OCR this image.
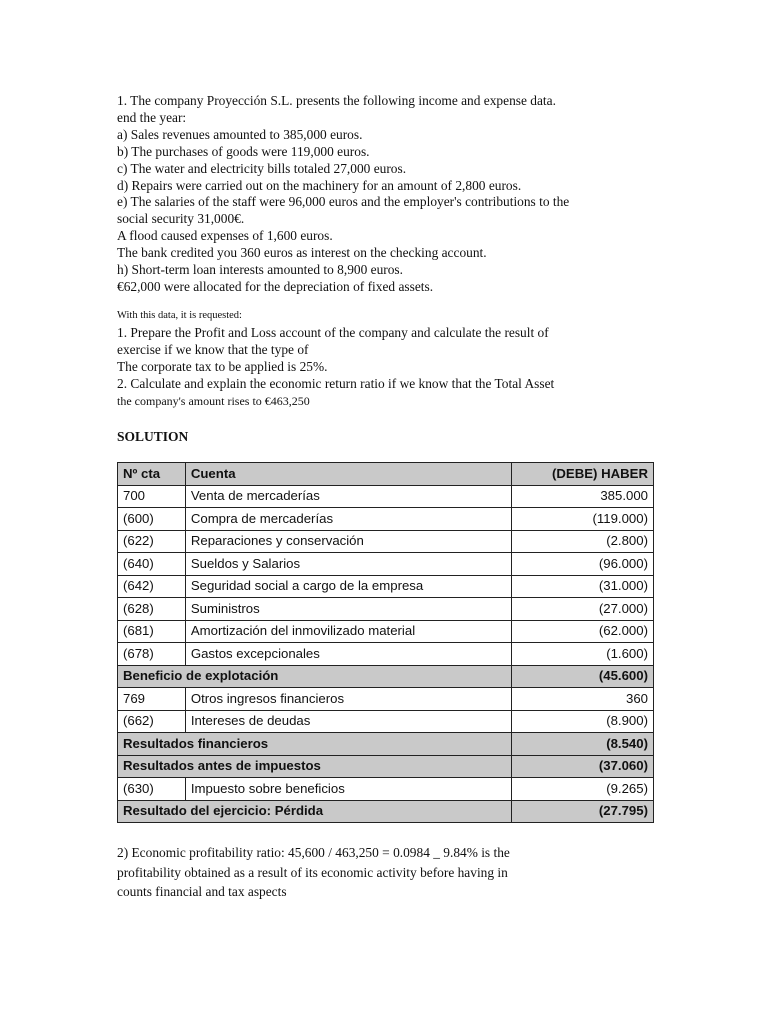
1. The company Proyección S.L. presents the following income and expense data.

end the year:

a) Sales revenues amounted to 385,000 euros.

b) The purchases of goods were 119,000 euros.

c) The water and electricity bills totaled 27,000 euros.

d) Repairs were carried out on the machinery for an amount of 2,800 euros.

e) The salaries of the staff were 96,000 euros and the employer's contributions to the

social security 31,000€.

A flood caused expenses of 1,600 euros.

The bank credited you 360 euros as interest on the checking account.

h) Short-term loan interests amounted to 8,900 euros.

€62,000 were allocated for the depreciation of fixed assets.

With this data, it is requested:

1. Prepare the Profit and Loss account of the company and calculate the result of

exercise if we know that the type of

The corporate tax to be applied is 25%.

2. Calculate and explain the economic return ratio if we know that the Total Asset

the company's amount rises to €463,250

SOLUTION
Nº cta	Cuenta	(DEBE) HABER
700	Venta de mercaderías	385.000
(600)	Compra de mercaderías	(119.000)
(622)	Reparaciones y conservación	(2.800)
(640)	Sueldos y Salarios	(96.000)
(642)	Seguridad social a cargo de la empresa	(31.000)
(628)	Suministros	(27.000)
(681)	Amortización del inmovilizado material	(62.000)
(678)	Gastos excepcionales	(1.600)
Beneficio de explotación		(45.600)
769	Otros ingresos financieros	360
(662)	Intereses de deudas	(8.900)
Resultados financieros		(8.540)
Resultados antes de impuestos		(37.060)
(630)	Impuesto sobre beneficios	(9.265)
Resultado del ejercicio: Pérdida		(27.795)

2) Economic profitability ratio: 45,600 / 463,250 = 0.0984 _ 9.84% is the

profitability obtained as a result of its economic activity before having in

counts financial and tax aspects
